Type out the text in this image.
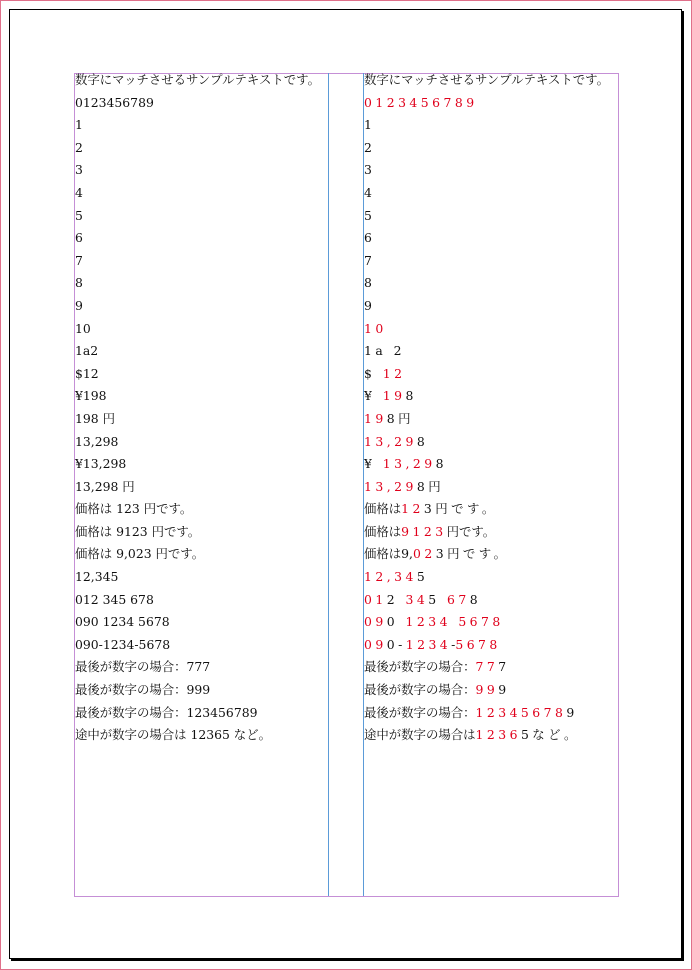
数字にマッチさせるサンプルテキストです。
0123456789
1
2
3
4
5
6
7
8
9
10
1a2
$12
¥198
198 円
13,298
¥13,298
13,298 円
価格は 123 円です。
価格は 9123 円です。
価格は 9,023 円です。
12,345
012 345 678
090 1234 5678
090-1234-5678
最後が数字の場合：777
最後が数字の場合：999
最後が数字の場合：123456789
途中が数字の場合は 12365 など。
数字にマッチさせるサンプルテキストです。
0123456789
1
2
3
4
5
6
7
8
9
10
1a 2
$ 12
¥ 198
198円
13,298
¥ 13,298
13,298円
価格は123円です。
価格は9123円です。
価格は9,023円です。
12,345
012 345 678
090 1234 5678
090-1234-5678
最後が数字の場合：777
最後が数字の場合：999
最後が数字の場合：123456789
途中が数字の場合は12365など。
